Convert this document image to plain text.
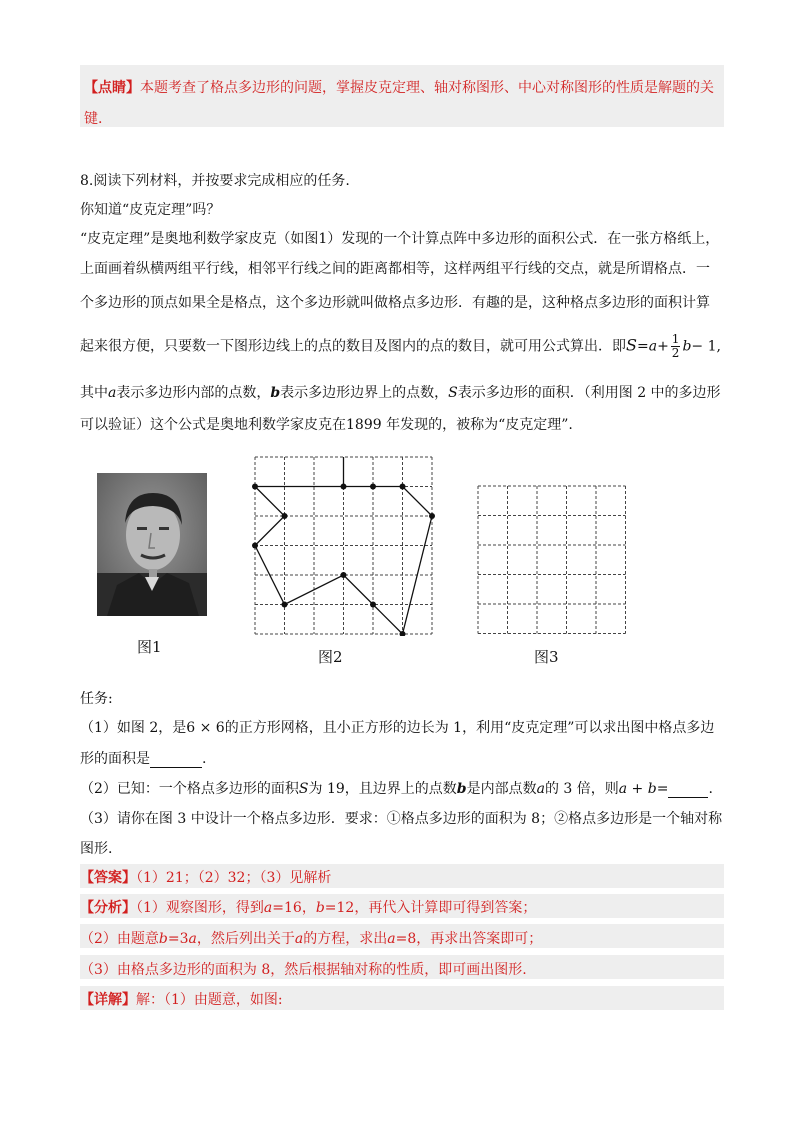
【点睛】本题考查了格点多边形的问题，掌握皮克定理、轴对称图形、中心对称图形的性质是解题的关
键.
8.阅读下列材料，并按要求完成相应的任务.
你知道“皮克定理”吗？
“皮克定理”是奥地利数学家皮克（如图1）发现的一个计算点阵中多边形的面积公式．在一张方格纸上，
上面画着纵横两组平行线，相邻平行线之间的距离都相等，这样两组平行线的交点，就是所谓格点．一
个多边形的顶点如果全是格点，这个多边形就叫做格点多边形．有趣的是，这种格点多边形的面积计算
起来很方便，只要数一下图形边线上的点的数目及图内的点的数目，就可用公式算出．即$S=a+ \frac{1}{2} b- 1$,
其中a表示多边形内部的点数，b表示多边形边界上的点数，S表示多边形的面积．（利用图 2 中的多边形
可以验证）这个公式是奥地利数学家皮克在1899 年发现的，被称为“皮克定理”.
图1
图2	图3
任务:
（1）如图 2，是6 × 6的正方形网格，且小正方形的边长为 1，利用“皮克定理”可以求出图中格点多边
形的面积是	.
（2）已知：一个格点多边形的面积S为 19，且边界上的点数b是内部点数a的 3 倍，则a + b=	.
（3）请你在图 3 中设计一个格点多边形．要求：①格点多边形的面积为 8；②格点多边形是一个轴对称
图形.
【答案】（1）21；（2）32；（3）见解析
【分析】（1）观察图形，得到a=16，b=12，再代入计算即可得到答案；
（2）由题意b=3a，然后列出关于a的方程，求出a=8，再求出答案即可；
（3）由格点多边形的面积为 8，然后根据轴对称的性质，即可画出图形.
【详解】解：（1）由题意，如图:
